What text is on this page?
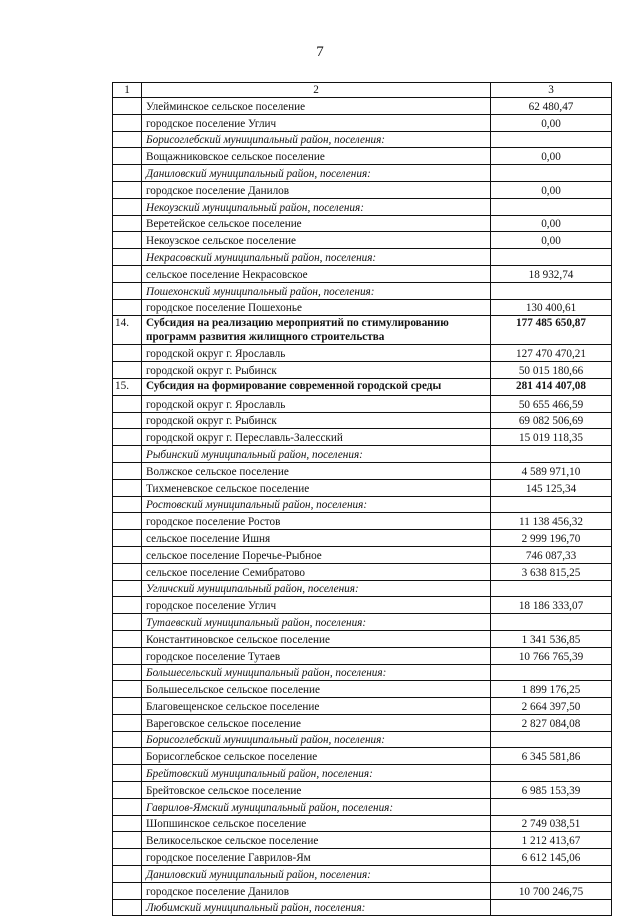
7
1	2	3
	Улейминское сельское поселение	62 480,47
	городское поселение Углич	0,00
	Борисоглебский муниципальный район, поселения:	
	Вощажниковское сельское поселение	0,00
	Даниловский муниципальный район, поселения:	
	городское поселение Данилов	0,00
	Некоузский муниципальный район, поселения:	
	Веретейское сельское поселение	0,00
	Некоузское сельское поселение	0,00
	Некрасовский муниципальный район, поселения:	
	сельское поселение Некрасовское	18 932,74
	Пошехонский муниципальный район, поселения:	
	городское поселение Пошехонье	130 400,61
14.	Субсидия на реализацию мероприятий по стимулированию программ развития жилищного строительства	177 485 650,87
	городской округ г. Ярославль	127 470 470,21
	городской округ г. Рыбинск	50 015 180,66
15.	Субсидия на формирование современной городской среды	281 414 407,08
	городской округ г. Ярославль	50 655 466,59
	городской округ г. Рыбинск	69 082 506,69
	городской округ г. Переславль-Залесский	15 019 118,35
	Рыбинский муниципальный район, поселения:	
	Волжское сельское поселение	4 589 971,10
	Тихменевское сельское поселение	145 125,34
	Ростовский муниципальный район, поселения:	
	городское поселение Ростов	11 138 456,32
	сельское поселение Ишня	2 999 196,70
	сельское поселение Поречье-Рыбное	746 087,33
	сельское поселение Семибратово	3 638 815,25
	Угличский муниципальный район, поселения:	
	городское поселение Углич	18 186 333,07
	Тутаевский муниципальный район, поселения:	
	Константиновское сельское поселение	1 341 536,85
	городское поселение Тутаев	10 766 765,39
	Большесельский муниципальный район, поселения:	
	Большесельское сельское поселение	1 899 176,25
	Благовещенское сельское поселение	2 664 397,50
	Вареговское сельское поселение	2 827 084,08
	Борисоглебский муниципальный район, поселения:	
	Борисоглебское сельское поселение	6 345 581,86
	Брейтовский муниципальный район, поселения:	
	Брейтовское сельское поселение	6 985 153,39
	Гаврилов-Ямский муниципальный район, поселения:	
	Шопшинское сельское поселение	2 749 038,51
	Великосельское сельское поселение	1 212 413,67
	городское поселение Гаврилов-Ям	6 612 145,06
	Даниловский муниципальный район, поселения:	
	городское поселение Данилов	10 700 246,75
	Любимский муниципальный район, поселения:	
